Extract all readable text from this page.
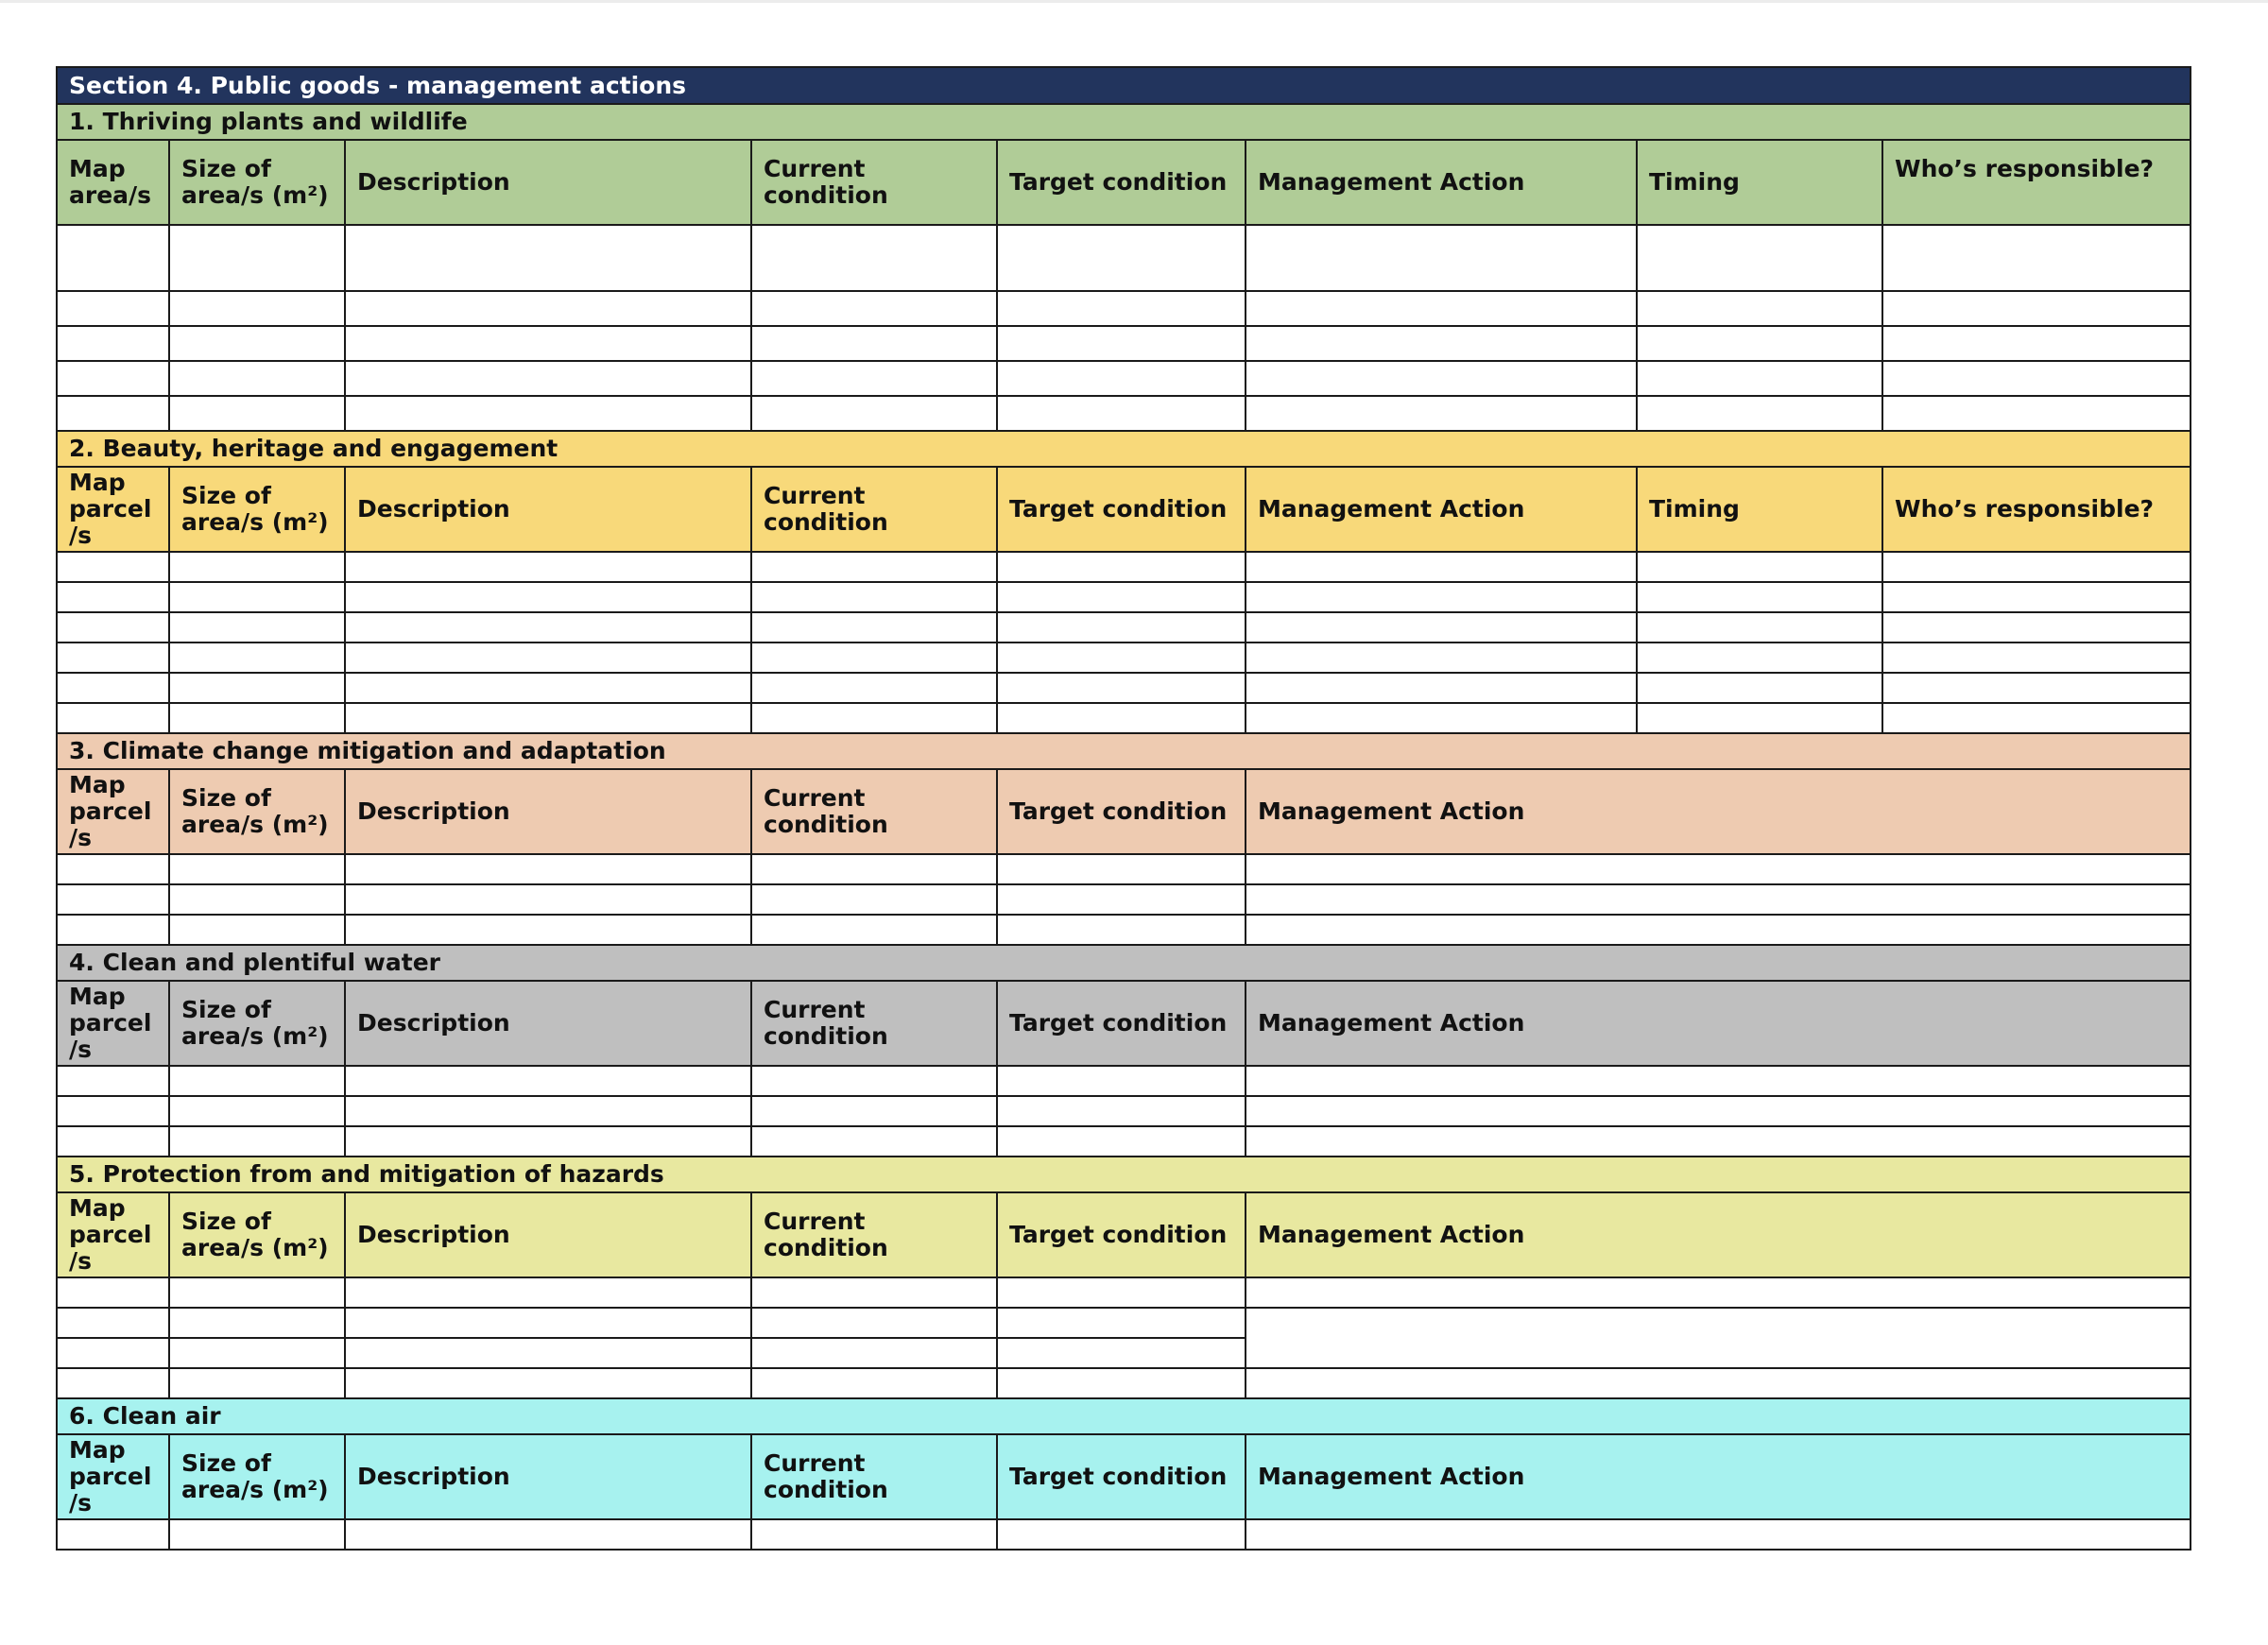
Section 4. Public goods - management actions							
1. Thriving plants and wildlife							
Map area/s	Size of area/s (m²)	Description	Current condition	Target condition	Management Action	Timing	Who’s responsible?

2. Beauty, heritage and engagement							
Map parcel /s	Size of area/s (m²)	Description	Current condition	Target condition	Management Action	Timing	Who’s responsible?

3. Climate change mitigation and adaptation							
Map parcel /s	Size of area/s (m²)	Description	Current condition	Target condition	Management Action		

4. Clean and plentiful water							
Map parcel /s	Size of area/s (m²)	Description	Current condition	Target condition	Management Action		

5. Protection from and mitigation of hazards							
Map parcel /s	Size of area/s (m²)	Description	Current condition	Target condition	Management Action		

6. Clean air							
Map parcel /s	Size of area/s (m²)	Description	Current condition	Target condition	Management Action		
